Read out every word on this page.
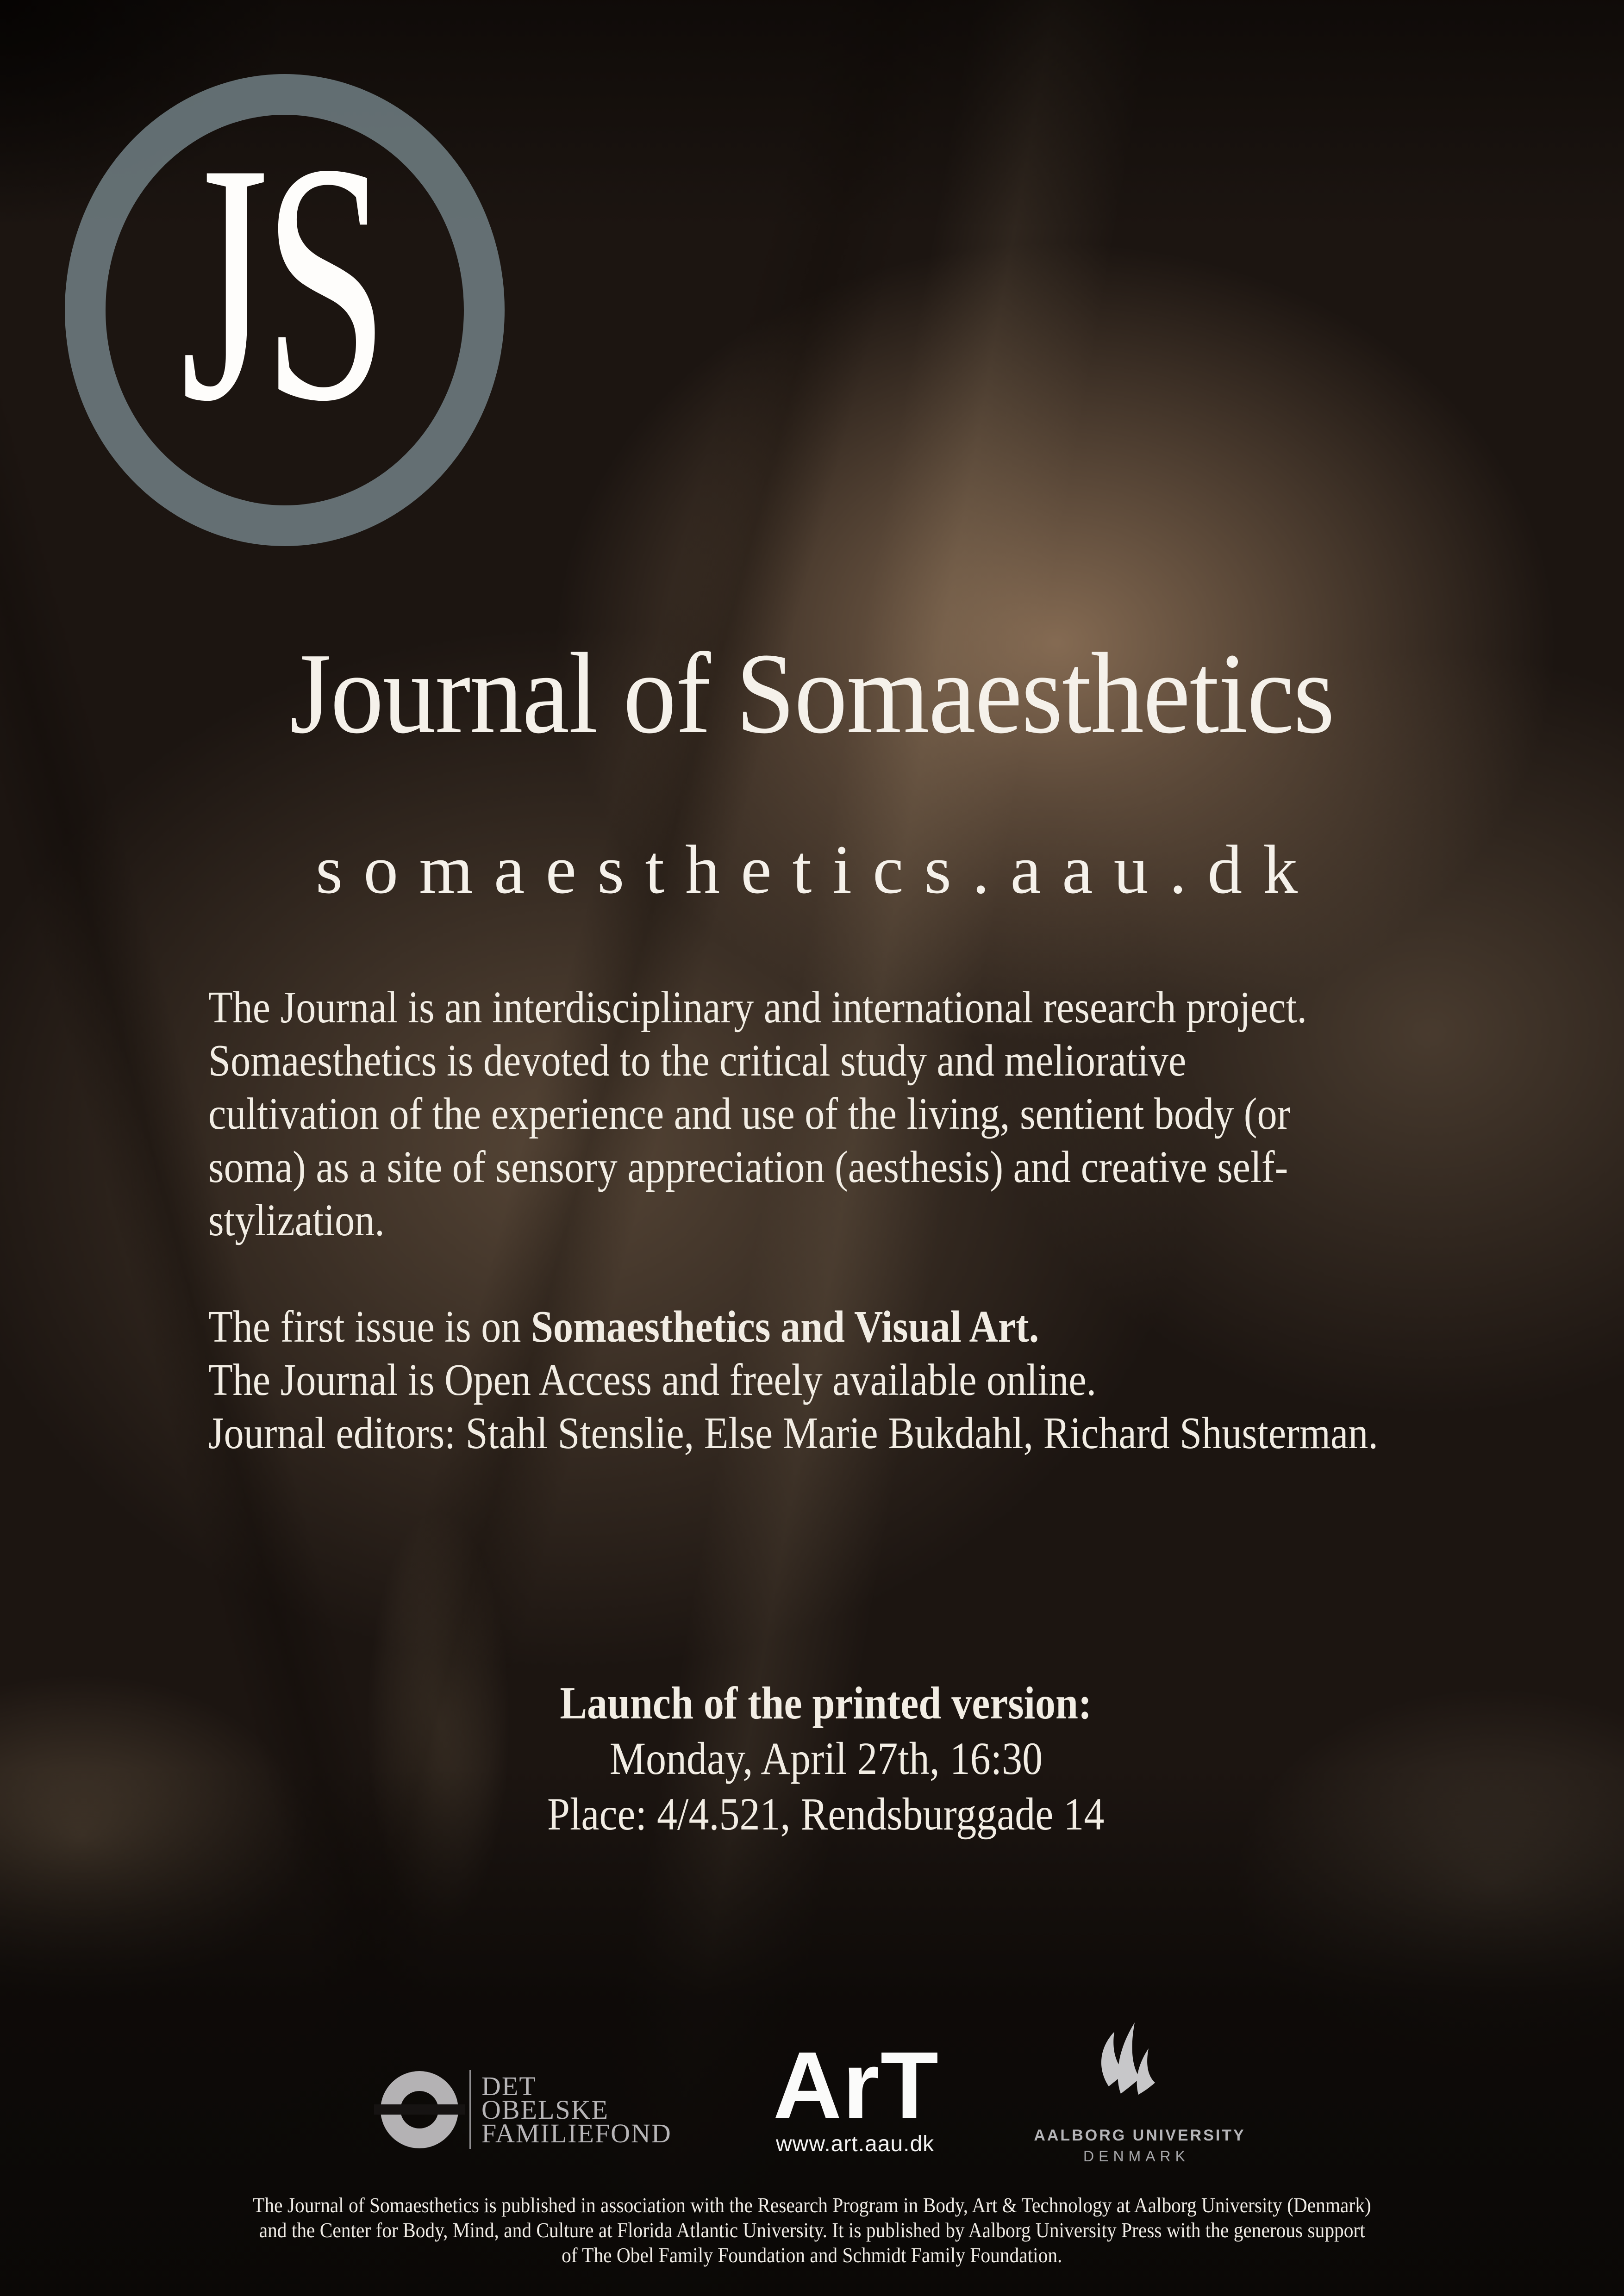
JS
Journal of Somaesthetics
somaesthetics.aau.dk
The Journal is an interdisciplinary and international research project.
Somaesthetics is devoted to the critical study and meliorative
cultivation of the experience and use of the living, sentient body (or
soma) as a site of sensory appreciation (aesthesis) and creative self-
stylization.
The first issue is on Somaesthetics and Visual Art.
The Journal is Open Access and freely available online.
Journal editors: Stahl Stenslie, Else Marie Bukdahl, Richard Shusterman.
Launch of the printed version:
Monday, April 27th, 16:30
Place: 4/4.521, Rendsburggade 14
DET
OBELSKE
FAMILIEFOND ArT
www.art.aau.dk	AALBORG UNIVERSITY
DENMARK
The Journal of Somaesthetics is published in association with the Research Program in Body, Art & Technology at Aalborg University (Denmark)
and the Center for Body, Mind, and Culture at Florida Atlantic University. It is published by Aalborg University Press with the generous support
of The Obel Family Foundation and Schmidt Family Foundation.
